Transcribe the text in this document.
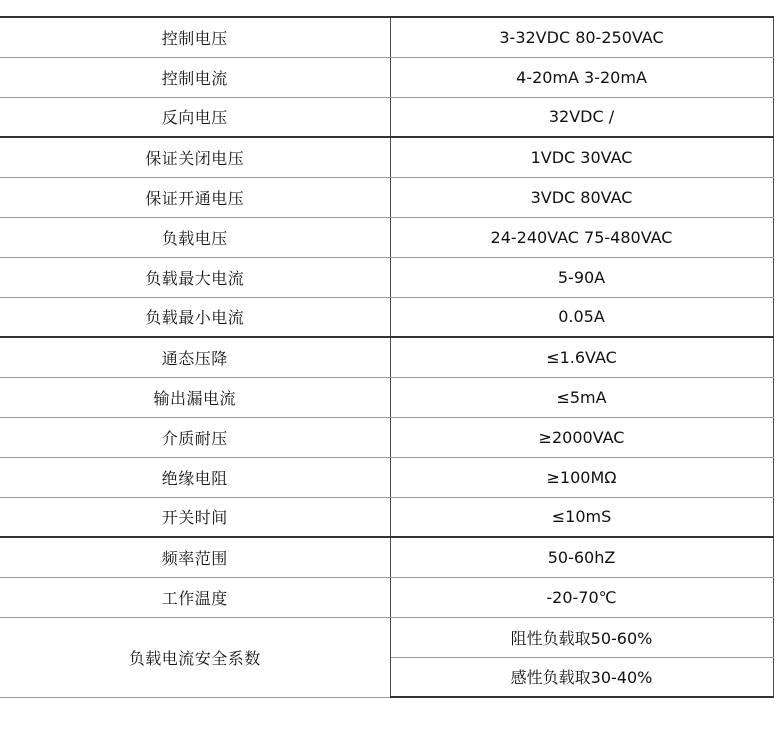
控制电压	3-32VDC 80-250VAC
控制电流	4-20mA 3-20mA
反向电压	32VDC /
保证关闭电压	1VDC 30VAC
保证开通电压	3VDC 80VAC
负载电压	24-240VAC 75-480VAC
负载最大电流	5-90A
负载最小电流	0.05A
通态压降	≤1.6VAC
输出漏电流	≤5mA
介质耐压	≥2000VAC
绝缘电阻	≥100MΩ
开关时间	≤10mS
频率范围	50-60hZ
工作温度	-20-70℃
负载电流安全系数	阻性负载取50-60%
	感性负载取30-40%
